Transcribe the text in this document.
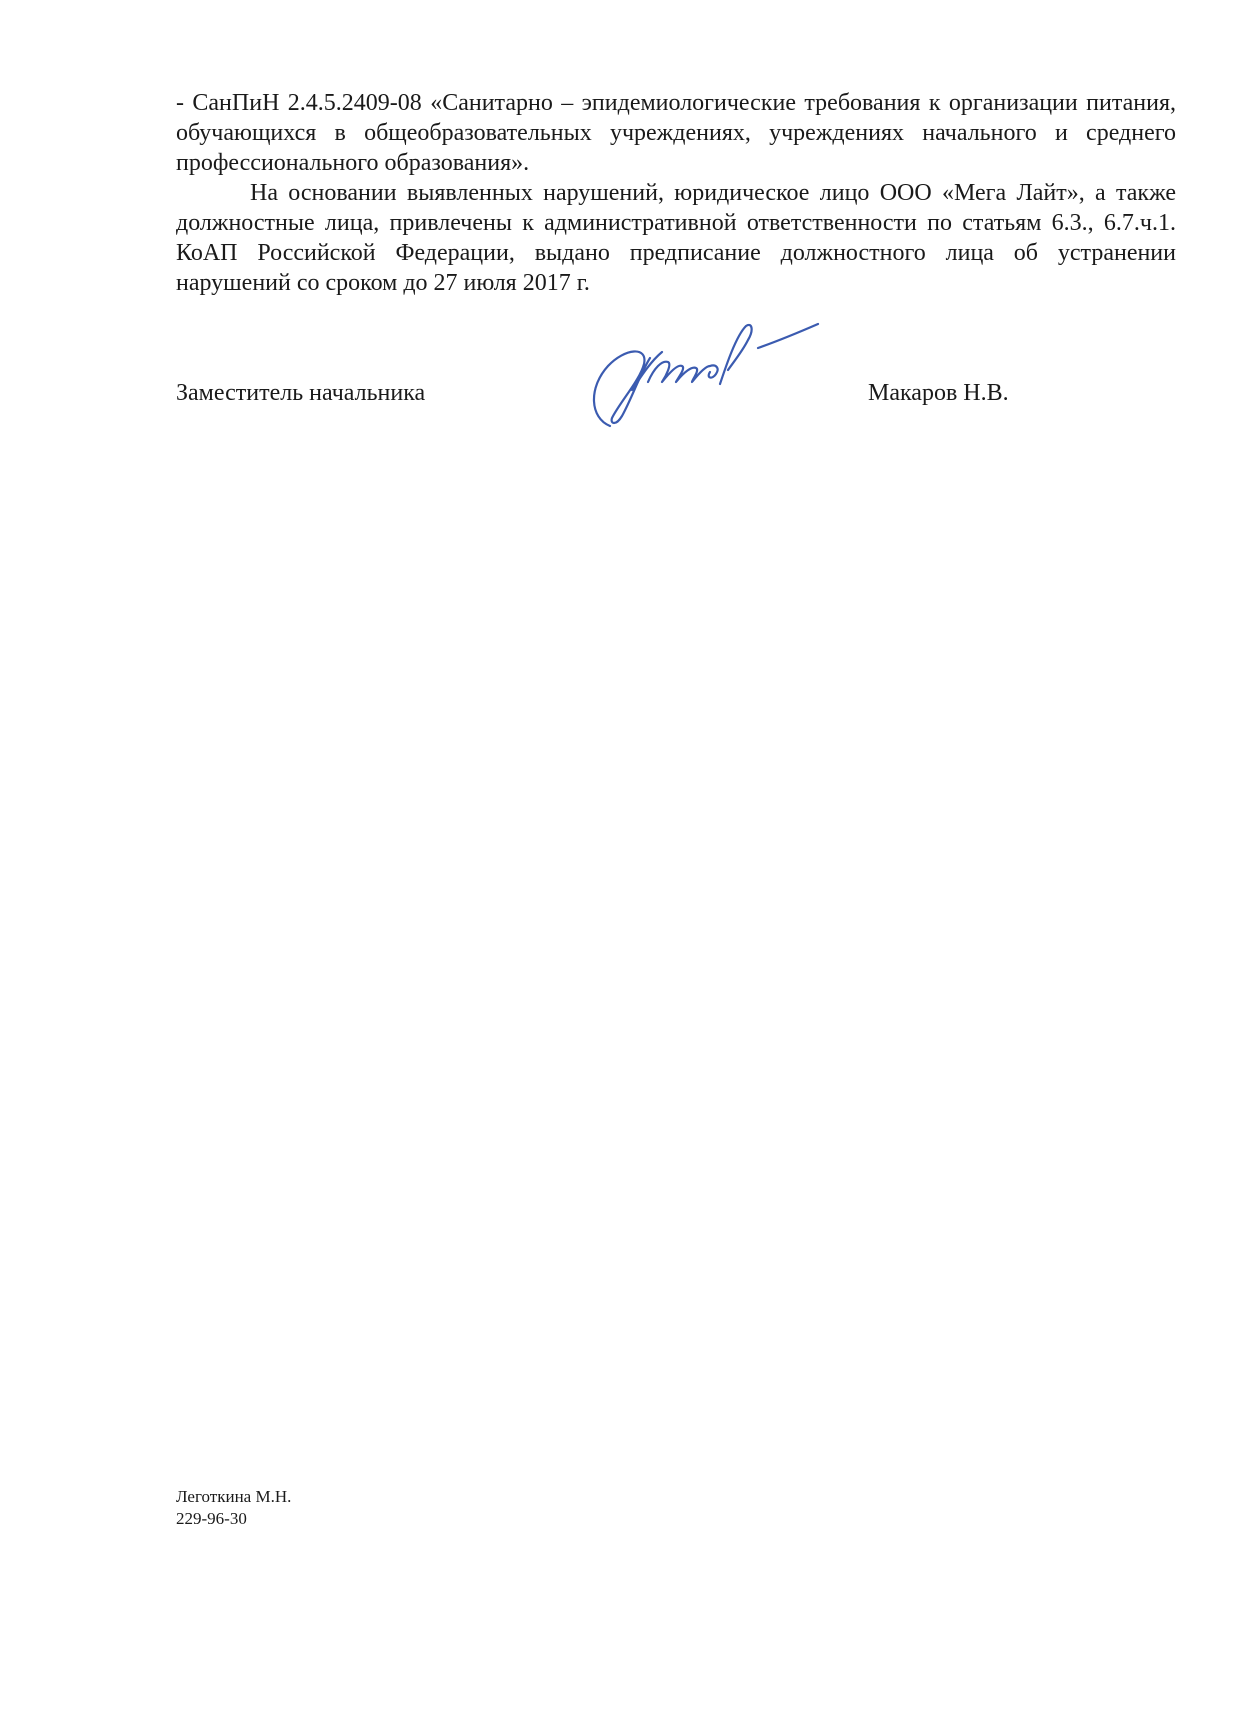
- СанПиН 2.4.5.2409-08 «Санитарно – эпидемиологические требования к организации питания, обучающихся в общеобразовательных учреждениях, учреждениях начального и среднего профессионального образования».

На основании выявленных нарушений, юридическое лицо ООО «Мега Лайт», а также должностные лица, привлечены к административной ответственности по статьям 6.3., 6.7.ч.1. КоАП Российской Федерации, выдано предписание должностного лица об устранении нарушений со сроком до 27 июля 2017 г.

Заместитель начальника	Макаров Н.В.
Леготкина М.Н.
229-96-30
